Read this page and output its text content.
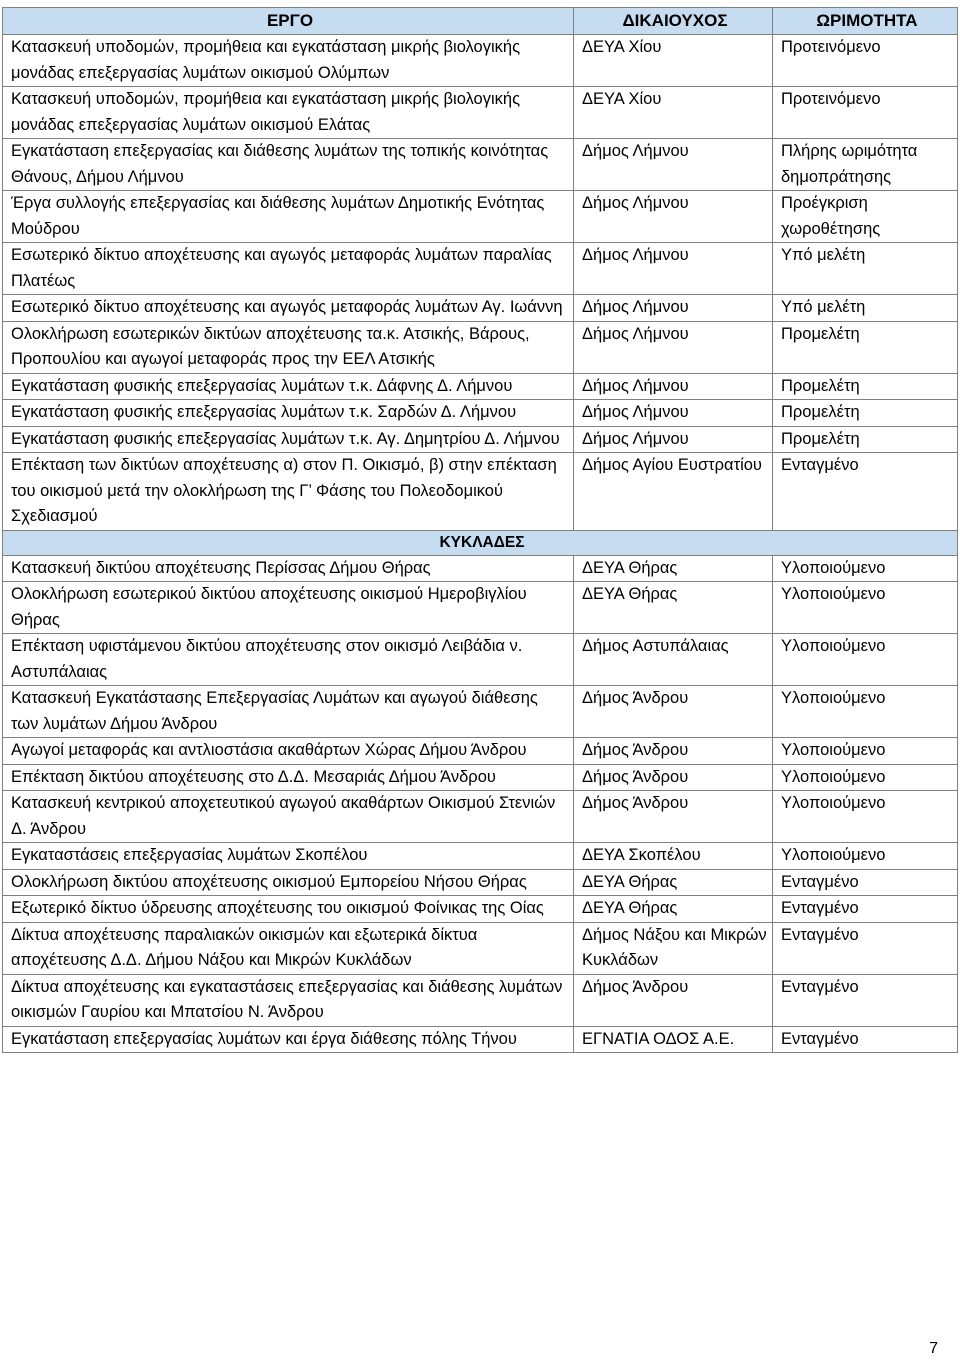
ΕΡΓΟ	ΔΙΚΑΙΟΥΧΟΣ	ΩΡΙΜΟΤΗΤΑ
Κατασκευή υποδομών, προμήθεια και εγκατάσταση μικρής βιολογικής μονάδας επεξεργασίας λυμάτων οικισμού Ολύμπων	ΔΕΥΑ Χίου	Προτεινόμενο
Κατασκευή υποδομών, προμήθεια και εγκατάσταση μικρής βιολογικής μονάδας επεξεργασίας λυμάτων οικισμού Ελάτας	ΔΕΥΑ Χίου	Προτεινόμενο
Εγκατάσταση επεξεργασίας και διάθεσης λυμάτων της τοπικής κοινότητας Θάνους, Δήμου Λήμνου	Δήμος Λήμνου	Πλήρης ωριμότητα δημοπράτησης
Έργα συλλογής επεξεργασίας και διάθεσης λυμάτων Δημοτικής Ενότητας Μούδρου	Δήμος Λήμνου	Προέγκριση χωροθέτησης
Εσωτερικό δίκτυο αποχέτευσης και αγωγός μεταφοράς λυμάτων παραλίας Πλατέως	Δήμος Λήμνου	Υπό μελέτη
Εσωτερικό δίκτυο αποχέτευσης και αγωγός μεταφοράς λυμάτων Αγ. Ιωάννη	Δήμος Λήμνου	Υπό μελέτη
Ολοκλήρωση εσωτερικών δικτύων αποχέτευσης τα.κ. Ατσικής, Βάρους, Προπουλίου και αγωγοί μεταφοράς προς την ΕΕΛ Ατσικής	Δήμος Λήμνου	Προμελέτη
Εγκατάσταση φυσικής επεξεργασίας λυμάτων τ.κ. Δάφνης Δ. Λήμνου	Δήμος Λήμνου	Προμελέτη
Εγκατάσταση φυσικής επεξεργασίας λυμάτων τ.κ. Σαρδών Δ. Λήμνου	Δήμος Λήμνου	Προμελέτη
Εγκατάσταση φυσικής επεξεργασίας λυμάτων τ.κ. Αγ. Δημητρίου Δ. Λήμνου	Δήμος Λήμνου	Προμελέτη
Επέκταση των δικτύων αποχέτευσης α) στον Π. Οικισμό, β) στην επέκταση του οικισμού μετά την ολοκλήρωση της Γ’ Φάσης του Πολεοδομικού Σχεδιασμού	Δήμος Αγίου Ευστρατίου	Ενταγμένο
ΚΥΚΛΑΔΕΣ		
Κατασκευή δικτύου αποχέτευσης Περίσσας Δήμου Θήρας	ΔΕΥΑ Θήρας	Υλοποιούμενο
Ολοκλήρωση εσωτερικού δικτύου αποχέτευσης οικισμού Ημεροβιγλίου Θήρας	ΔΕΥΑ Θήρας	Υλοποιούμενο
Επέκταση υφιστάμενου δικτύου αποχέτευσης στον οικισμό Λειβάδια ν. Αστυπάλαιας	Δήμος Αστυπάλαιας	Υλοποιούμενο
Κατασκευή Εγκατάστασης Επεξεργασίας Λυμάτων και αγωγού διάθεσης των λυμάτων Δήμου Άνδρου	Δήμος Άνδρου	Υλοποιούμενο
Αγωγοί μεταφοράς και αντλιοστάσια ακαθάρτων Χώρας Δήμου Άνδρου	Δήμος Άνδρου	Υλοποιούμενο
Επέκταση δικτύου αποχέτευσης στο Δ.Δ. Μεσαριάς Δήμου Άνδρου	Δήμος Άνδρου	Υλοποιούμενο
Κατασκευή κεντρικού αποχετευτικού αγωγού ακαθάρτων Οικισμού Στενιών Δ. Άνδρου	Δήμος Άνδρου	Υλοποιούμενο
Εγκαταστάσεις επεξεργασίας λυμάτων Σκοπέλου	ΔΕΥΑ Σκοπέλου	Υλοποιούμενο
Ολοκλήρωση δικτύου αποχέτευσης οικισμού Εμπορείου Νήσου Θήρας	ΔΕΥΑ Θήρας	Ενταγμένο
Εξωτερικό δίκτυο ύδρευσης αποχέτευσης του οικισμού Φοίνικας της Οίας	ΔΕΥΑ Θήρας	Ενταγμένο
Δίκτυα αποχέτευσης παραλιακών οικισμών και εξωτερικά δίκτυα αποχέτευσης Δ.Δ. Δήμου Νάξου και Μικρών Κυκλάδων	Δήμος Νάξου και Μικρών Κυκλάδων	Ενταγμένο
Δίκτυα αποχέτευσης και εγκαταστάσεις επεξεργασίας και διάθεσης λυμάτων οικισμών Γαυρίου και Μπατσίου Ν. Άνδρου	Δήμος Άνδρου	Ενταγμένο
Εγκατάσταση επεξεργασίας λυμάτων και έργα διάθεσης πόλης Τήνου	ΕΓΝΑΤΙΑ ΟΔΟΣ Α.Ε.	Ενταγμένο
7
